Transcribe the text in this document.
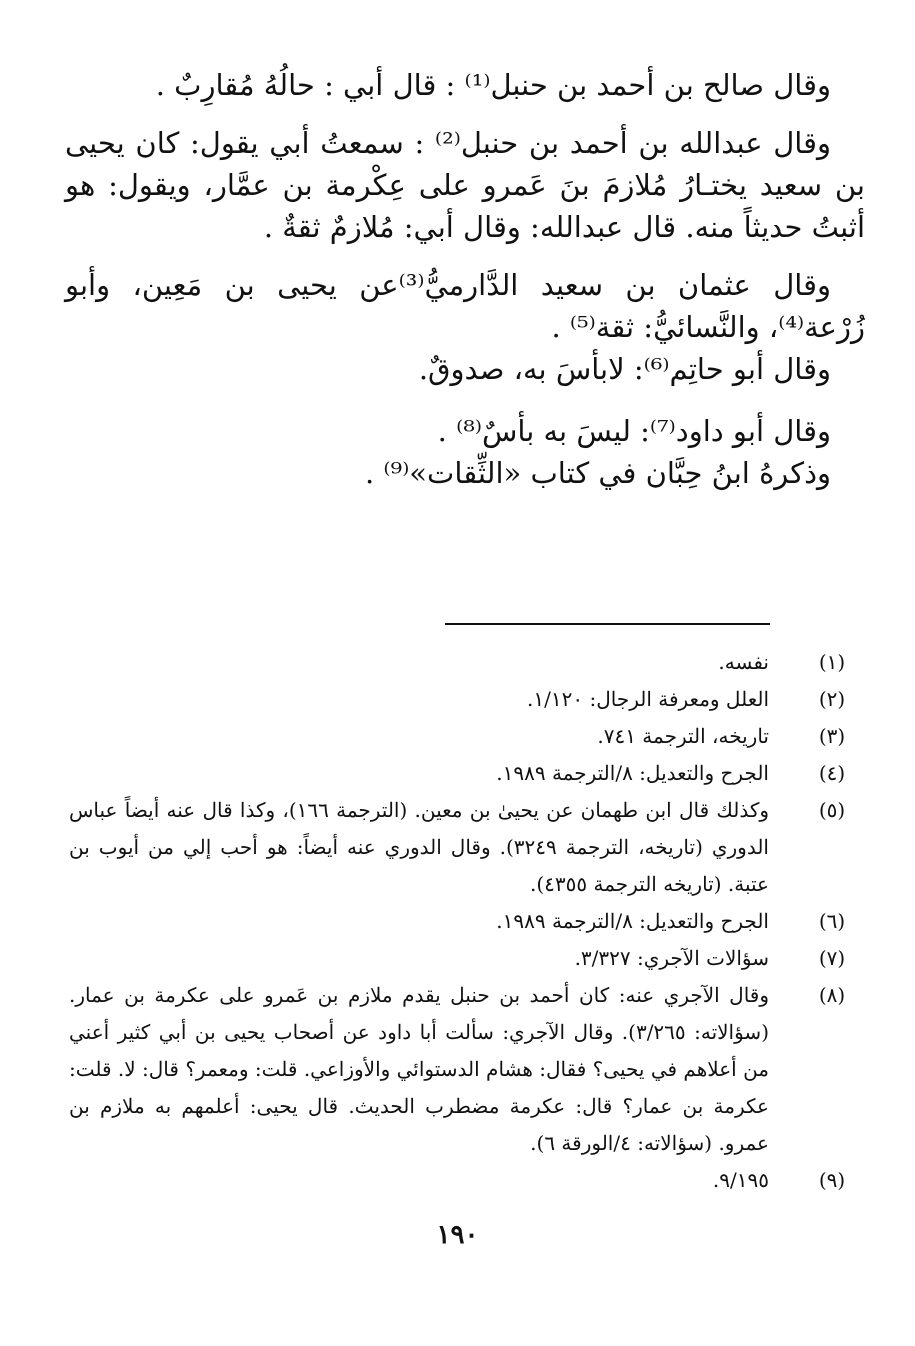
وقال صالح بن أحمد بن حنبل⁽¹⁾ : قال أبي : حالُهُ مُقارِبٌ .

وقال عبدالله بن أحمد بن حنبل⁽²⁾ : سمعتُ أبي يقول: كان يحيى بن سعيد يختـارُ مُلازمَ بنَ عَمرو على عِكْرمة بن عمَّار، ويقول: هو أثبتُ حديثاً منه. قال عبدالله: وقال أبي: مُلازمٌ ثقةٌ .

وقال عثمان بن سعيد الدَّارميُّ⁽³⁾عن يحيى بن مَعِين، وأبو زُرْعة⁽⁴⁾، والنَّسائيُّ: ثقة⁽⁵⁾ .

وقال أبو حاتِم⁽⁶⁾: لابأسَ به، صدوقٌ.

وقال أبو داود⁽⁷⁾: ليسَ به بأسٌ⁽⁸⁾ .

وذكرهُ ابنُ حِبَّان في كتاب «الثِّقات»⁽⁹⁾ .

(١)
نفسه.
(٢)
العلل ومعرفة الرجال: ١/١٢٠.
(٣)
تاريخه، الترجمة ٧٤١.
(٤)
الجرح والتعديل: ٨/الترجمة ١٩٨٩.
(٥)
وكذلك قال ابن طهمان عن يحيىٰ بن معين. (الترجمة ١٦٦)، وكذا قال عنه أيضاً عباس الدوري (تاريخه، الترجمة ٣٢٤٩). وقال الدوري عنه أيضاً: هو أحب إلي من أيوب بن عتبة. (تاريخه الترجمة ٤٣٥٥).
(٦)
الجرح والتعديل: ٨/الترجمة ١٩٨٩.
(٧)
سؤالات الآجري: ٣/٣٢٧.
(٨)
وقال الآجري عنه: كان أحمد بن حنبل يقدم ملازم بن عَمرو على عكرمة بن عمار. (سؤالاته: ٣/٢٦٥). وقال الآجري: سألت أبا داود عن أصحاب يحيى بن أبي كثير أعني من أعلاهم في يحيى؟ فقال: هشام الدستوائي والأوزاعي. قلت: ومعمر؟ قال: لا. قلت: عكرمة بن عمار؟ قال: عكرمة مضطرب الحديث. قال يحيى: أعلمهم به ملازم بن عمرو. (سؤالاته: ٤/الورقة ٦).
(٩)
٩/١٩٥.
١٩٠
